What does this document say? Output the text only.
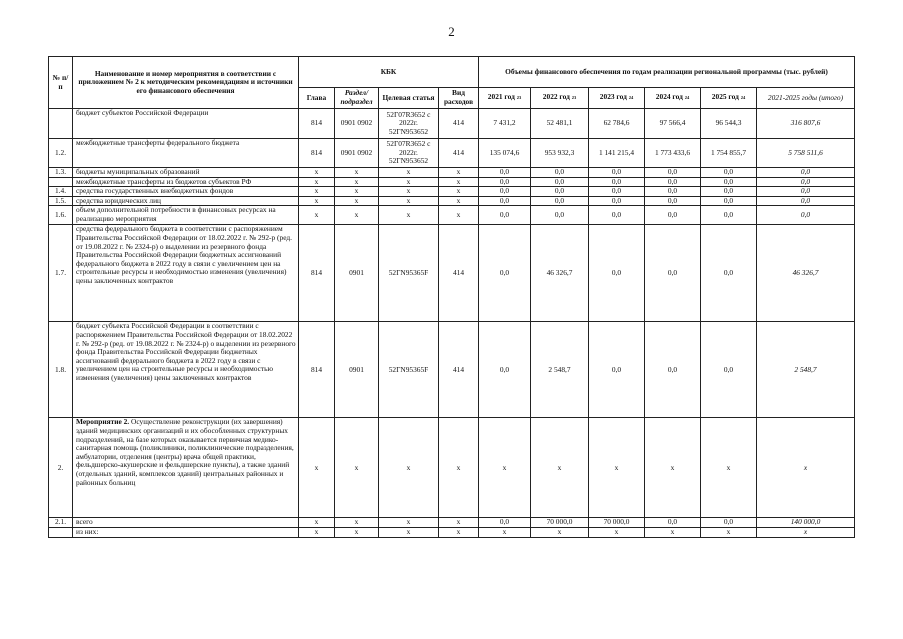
2
№ п/п	Наименование и номер мероприятия в соответствии с приложением № 2 к методическим рекомендациям и источники его финансового обеспечения	КБК				Объемы финансового обеспечения по годам реализации региональной программы (тыс. рублей)					
		Глава	Раздел/ подраздел	Целевая статья	Вид расходов	2021 год 23	2022 год 23	2023 год 24	2024 год 24	2025 год 24	2021-2025 годы (итого)
	бюджет субъектов Российской Федерации	814	0901 0902	52Г07R3652 с 2022г. 52ГN953652	414	7 431,2	52 481,1	62 784,6	97 566,4	96 544,3	316 807,6
1.2.	межбюджетные трансферты федерального бюджета	814	0901 0902	52Г07R3652 с 2022г. 52ГN953652	414	135 074,6	953 932,3	1 141 215,4	1 773 433,6	1 754 855,7	5 758 511,6
1.3.	бюджеты муниципальных образований	x	x	x	x	0,0	0,0	0,0	0,0	0,0	0,0
	межбюджетные трансферты из бюджетов субъектов РФ	x	x	x	x	0,0	0,0	0,0	0,0	0,0	0,0
1.4.	средства государственных внебюджетных фондов	x	x	x	x	0,0	0,0	0,0	0,0	0,0	0,0
1.5.	средства юридических лиц	x	x	x	x	0,0	0,0	0,0	0,0	0,0	0,0
1.6.	объем дополнительной потребности в финансовых ресурсах на реализацию мероприятия	x	x	x	x	0,0	0,0	0,0	0,0	0,0	0,0
1.7.	средства федерального бюджета в соответствии с распоряжением Правительства Российской Федерации от 18.02.2022 г. № 292-р (ред. от 19.08.2022 г. № 2324-р) о выделении из резервного фонда Правительства Российской Федерации бюджетных ассигнований федерального бюджета в 2022 году в связи с увеличением цен на строительные ресурсы и необходимостью изменения (увеличения) цены заключенных контрактов	814	0901	52ГN95365F	414	0,0	46 326,7	0,0	0,0	0,0	46 326,7
1.8.	бюджет субъекта Российской Федерации в соответствии с распоряжением Правительства Российской Федерации от 18.02.2022 г. № 292-р (ред. от 19.08.2022 г. № 2324-р) о выделении из резервного фонда Правительства Российской Федерации бюджетных ассигнований федерального бюджета в 2022 году в связи с увеличением цен на строительные ресурсы и необходимостью изменения (увеличения) цены заключенных контрактов	814	0901	52ГN95365F	414	0,0	2 548,7	0,0	0,0	0,0	2 548,7
2.	Мероприятие 2. Осуществление реконструкции (их завершения) зданий медицинских организаций и их обособленных структурных подразделений, на базе которых оказывается первичная медико-санитарная помощь (поликлиники, поликлинические подразделения, амбулатории, отделения (центры) врача общей практики, фельдшерско-акушерские и фельдшерские пункты), а также зданий (отдельных зданий, комплексов зданий) центральных районных и районных больниц	x	x	x	x	x	x	x	x	x	x
2.1.	всего	x	x	x	x	0,0	70 000,0	70 000,0	0,0	0,0	140 000,0
	из них:	x	x	x	x	x	x	x	x	x	x
